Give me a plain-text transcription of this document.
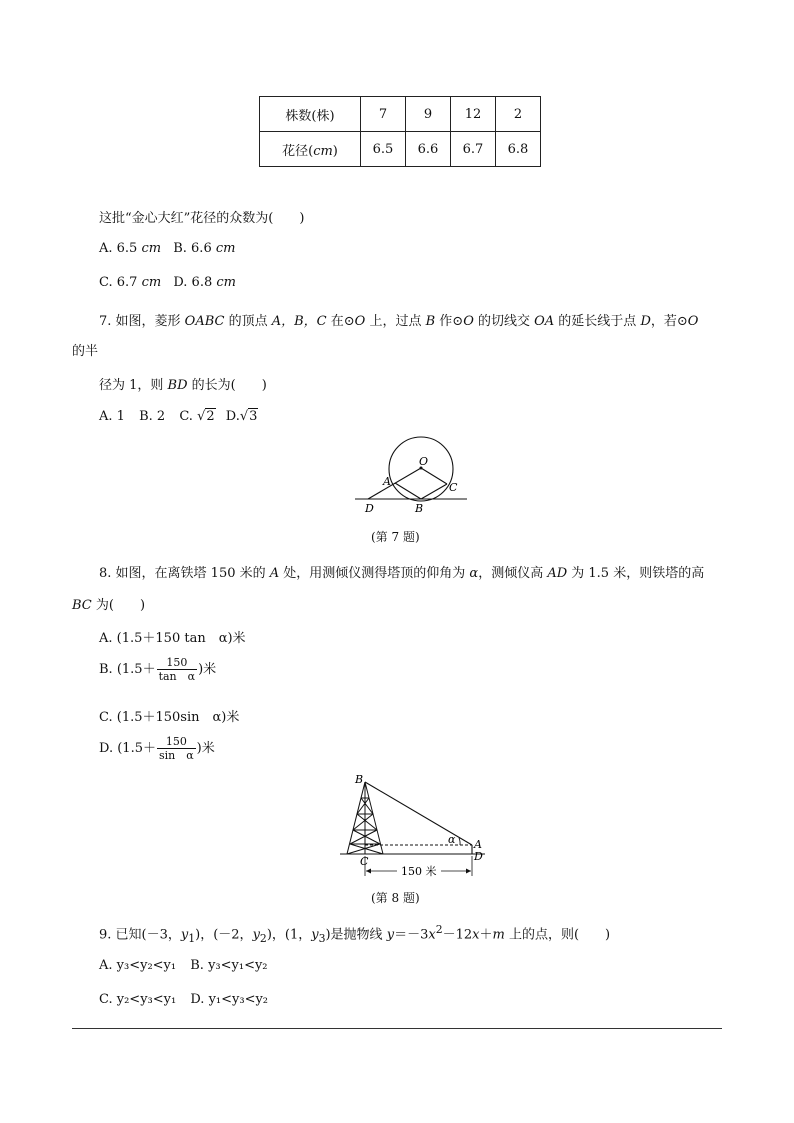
株数(株)	7	9	12	2
花径(cm)	6.5	6.6	6.7	6.8
这批“金心大红”花径的众数为(　　)
A. 6.5 cm B. 6.6 cm
C. 6.7 cm D. 6.8 cm
7. 如图，菱形 OABC 的顶点 A，B，C 在⊙O 上，过点 B 作⊙O 的切线交 OA 的延长线于点 D，若⊙O
的半
径为 1，则 BD 的长为(　　)
A. 1 B. 2 C. √2 D.√3
O
A	C
B
D
(第 7 题)
8. 如图，在离铁塔 150 米的 A 处，用测倾仪测得塔顶的仰角为 α，测倾仪高 AD 为 1.5 米，则铁塔的高
BC 为(　　)
A. (1.5＋150 tan　α)米
B. ($1.5+ \frac{150}{\text{tan　α}}$ )米
C. (1.5＋150sin　α)米
D. ($1.5+ \frac{150}{\text{sin　α}}$ )米
B
C
A
D
α
150 米
(第 8 题)
9. 已知(－3，$y_1$)，(－2，$y_2$)，(1，$y_3$)是抛物线 $y=-3x^2-12x+m$ 上的点，则(　　)
A. y₃<y₂<y₁ B. y₃<y₁<y₂
C. y₂<y₃<y₁ D. y₁<y₃<y₂
